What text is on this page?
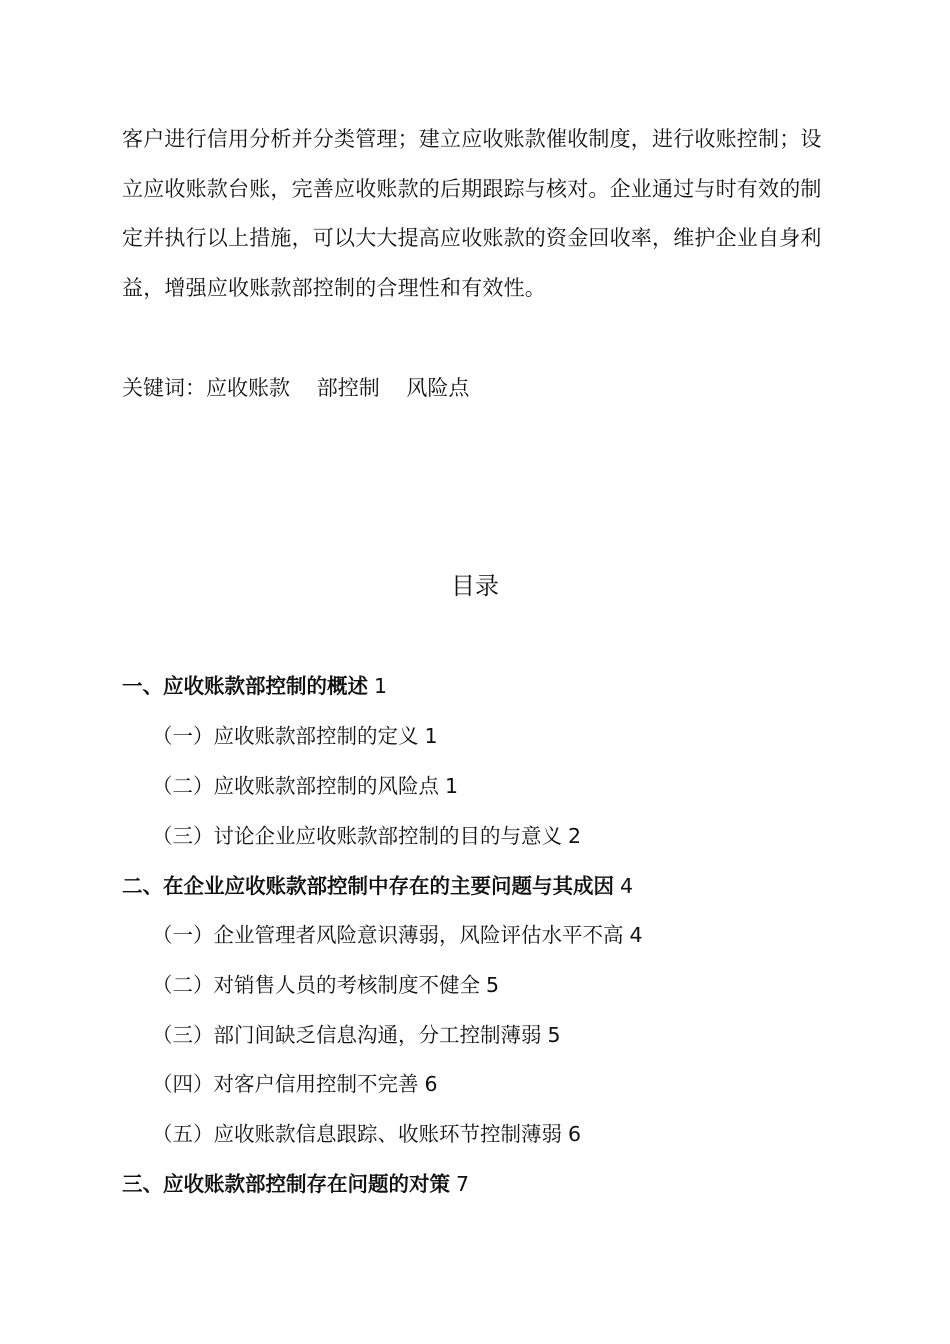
客户进行信用分析并分类管理；建立应收账款催收制度，进行收账控制；设
立应收账款台账，完善应收账款的后期跟踪与核对。企业通过与时有效的制
定并执行以上措施，可以大大提高应收账款的资金回收率，维护企业自身利
益，增强应收账款部控制的合理性和有效性。
关键词：应收账款 部控制 风险点
目录
一、应收账款部控制的概述 1
（一）应收账款部控制的定义 1
（二）应收账款部控制的风险点 1
（三）讨论企业应收账款部控制的目的与意义 2
二、在企业应收账款部控制中存在的主要问题与其成因 4
（一）企业管理者风险意识薄弱，风险评估水平不高 4
（二）对销售人员的考核制度不健全 5
（三）部门间缺乏信息沟通，分工控制薄弱 5
（四）对客户信用控制不完善 6
（五）应收账款信息跟踪、收账环节控制薄弱 6
三、应收账款部控制存在问题的对策 7
